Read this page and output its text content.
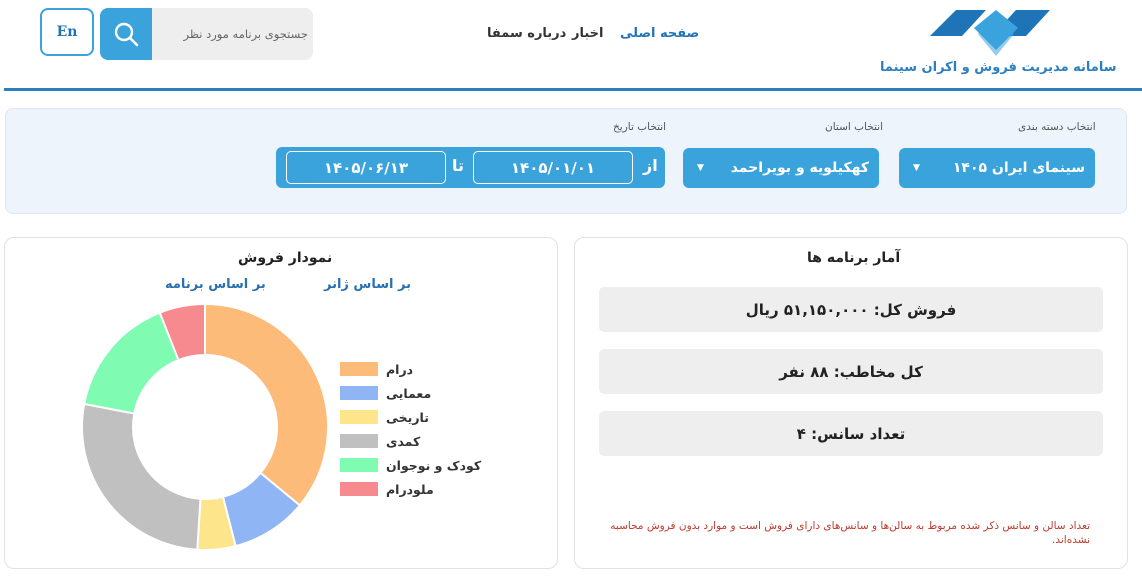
سامانه مدیریت فروش و اکران سینما
صفحه اصلی
اخبار
درباره سمفا
جستجوی برنامه مورد نظر
En
انتخاب دسته بندی
انتخاب استان
انتخاب تاریخ
▼ سینمای ایران ۱۴۰۵
▼ کهکیلویه و بویراحمد
از
۱۴۰۵/۰۱/۰۱
تا
۱۴۰۵/۰۶/۱۳
آمار برنامه ها
فروش کل: ۵۱,۱۵۰,۰۰۰ ریال
کل مخاطب: ۸۸ نفر
تعداد سانس: ۴
تعداد سالن و سانس ذکر شده مربوط به سالن‌ها و سانس‌های دارای فروش است و موارد بدون فروش محاسبه نشده‌اند.
نمودار فروش
بر اساس ژانر
بر اساس برنامه
درام
معمایی
تاریخی
کمدی
کودک و نوجوان
ملودرام
